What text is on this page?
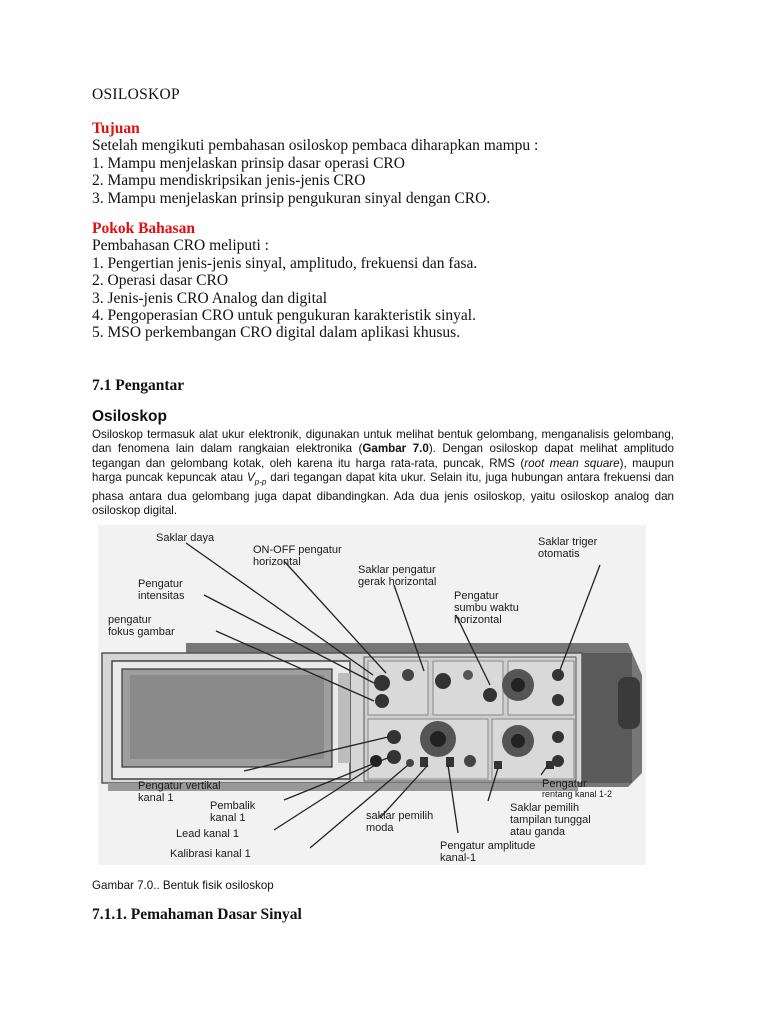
OSILOSKOP
Tujuan
Setelah mengikuti pembahasan osiloskop pembaca diharapkan mampu :
1. Mampu menjelaskan prinsip dasar operasi CRO
2. Mampu mendiskripsikan jenis-jenis CRO
3. Mampu menjelaskan prinsip pengukuran sinyal dengan CRO.
Pokok Bahasan
Pembahasan CRO meliputi :
1. Pengertian jenis-jenis sinyal, amplitudo, frekuensi dan fasa.
2. Operasi dasar CRO
3. Jenis-jenis CRO Analog dan digital
4. Pengoperasian CRO untuk pengukuran karakteristik sinyal.
5. MSO perkembangan CRO digital dalam aplikasi khusus.
7.1 Pengantar
Osiloskop
Osiloskop termasuk alat ukur elektronik, digunakan untuk melihat bentuk gelombang, menganalisis gelombang, dan fenomena lain dalam rangkaian elektronika (Gambar 7.0). Dengan osiloskop dapat melihat amplitudo tegangan dan gelombang kotak, oleh karena itu harga rata-rata, puncak, RMS (root mean square), maupun harga puncak kepuncak atau $V_{p-p}$ dari tegangan dapat kita ukur. Selain itu, juga hubungan antara frekuensi dan phasa antara dua gelombang juga dapat dibandingkan. Ada dua jenis osiloskop, yaitu osiloskop analog dan osiloskop digital.
Saklar daya
ON-OFF pengatur
horizontal
Saklar pengatur
gerak horizontal
Saklar triger
otomatis
Pengatur
intensitas
pengatur
fokus gambar
Pengatur
sumbu waktu
horizontal
Pengatur vertikal
kanal 1
Pembalik
kanal 1
Lead kanal 1
Kalibrasi kanal 1
saklar pemilih
moda
Pengatur amplitude
kanal-1
Pengatur
rentang kanal 1-2
Saklar pemilih
tampilan tunggal
atau ganda
Gambar 7.0.. Bentuk fisik osiloskop
7.1.1. Pemahaman Dasar Sinyal
